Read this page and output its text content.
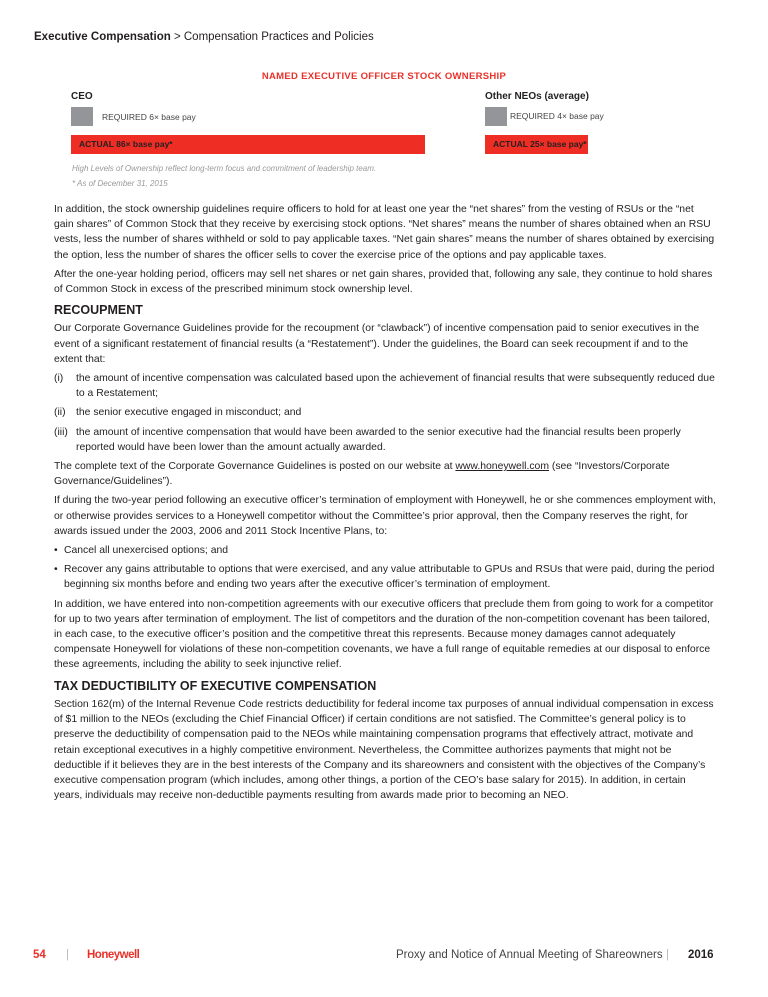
Executive Compensation > Compensation Practices and Policies
NAMED EXECUTIVE OFFICER STOCK OWNERSHIP
CEO
REQUIRED 6× base pay
ACTUAL 86× base pay*
Other NEOs (average)
REQUIRED 4× base pay
ACTUAL 25× base pay*
High Levels of Ownership reflect long-term focus and commitment of leadership team.
* As of December 31, 2015

In addition, the stock ownership guidelines require officers to hold for at least one year the “net shares” from the vesting of RSUs or the “net gain shares” of Common Stock that they receive by exercising stock options. “Net shares” means the number of shares obtained when an RSU vests, less the number of shares withheld or sold to pay applicable taxes. “Net gain shares” means the number of shares obtained by exercising the option, less the number of shares the officer sells to cover the exercise price of the options and pay applicable taxes.

After the one-year holding period, officers may sell net shares or net gain shares, provided that, following any sale, they continue to hold shares of Common Stock in excess of the prescribed minimum stock ownership level.

RECOUPMENT

Our Corporate Governance Guidelines provide for the recoupment (or “clawback”) of incentive compensation paid to senior executives in the event of a significant restatement of financial results (a “Restatement”). Under the guidelines, the Board can seek recoupment if and to the extent that:

(i) the amount of incentive compensation was calculated based upon the achievement of financial results that were subsequently reduced due to a Restatement;

(ii) the senior executive engaged in misconduct; and

(iii) the amount of incentive compensation that would have been awarded to the senior executive had the financial results been properly reported would have been lower than the amount actually awarded.

The complete text of the Corporate Governance Guidelines is posted on our website at www.honeywell.com (see “Investors/Corporate Governance/Guidelines”).

If during the two-year period following an executive officer’s termination of employment with Honeywell, he or she commences employment with, or otherwise provides services to a Honeywell competitor without the Committee’s prior approval, then the Company reserves the right, for awards issued under the 2003, 2006 and 2011 Stock Incentive Plans, to:

• Cancel all unexercised options; and

• Recover any gains attributable to options that were exercised, and any value attributable to GPUs and RSUs that were paid, during the period beginning six months before and ending two years after the executive officer’s termination of employment.

In addition, we have entered into non-competition agreements with our executive officers that preclude them from going to work for a competitor for up to two years after termination of employment. The list of competitors and the duration of the non-competition covenant has been tailored, in each case, to the executive officer’s position and the competitive threat this represents. Because money damages cannot adequately compensate Honeywell for violations of these non-competition covenants, we have a full range of equitable remedies at our disposal to enforce these agreements, including the ability to seek injunctive relief.

TAX DEDUCTIBILITY OF EXECUTIVE COMPENSATION

Section 162(m) of the Internal Revenue Code restricts deductibility for federal income tax purposes of annual individual compensation in excess of $1 million to the NEOs (excluding the Chief Financial Officer) if certain conditions are not satisfied. The Committee’s general policy is to preserve the deductibility of compensation paid to the NEOs while maintaining compensation programs that effectively attract, motivate and retain exceptional executives in a highly competitive environment. Nevertheless, the Committee authorizes payments that might not be deductible if it believes they are in the best interests of the Company and its shareowners and consistent with the objectives of the Company’s executive compensation program (which includes, among other things, a portion of the CEO’s base salary for 2015). In addition, in certain years, individuals may receive non-deductible payments resulting from awards made prior to becoming an NEO.

54 | Honeywell	Proxy and Notice of Annual Meeting of Shareowners | 2016
